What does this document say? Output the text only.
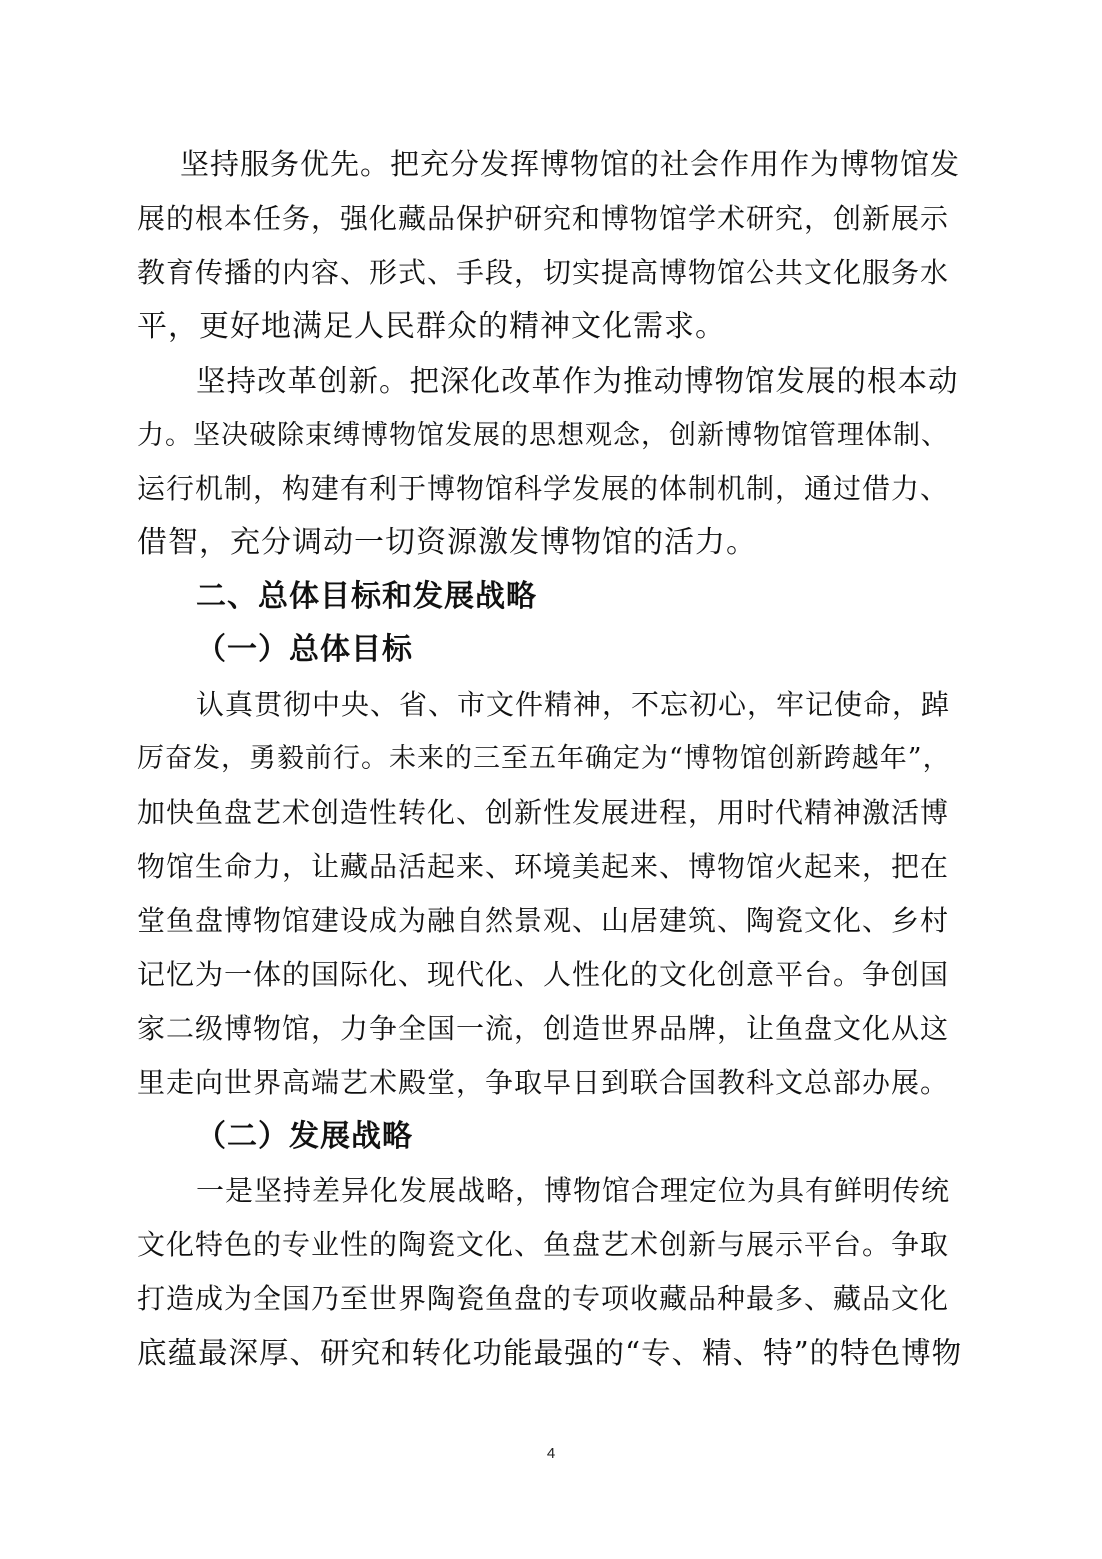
坚持服务优先。把充分发挥博物馆的社会作用作为博物馆发
展的根本任务，强化藏品保护研究和博物馆学术研究，创新展示
教育传播的内容、形式、手段，切实提高博物馆公共文化服务水
平，更好地满足人民群众的精神文化需求。
坚持改革创新。把深化改革作为推动博物馆发展的根本动
力。坚决破除束缚博物馆发展的思想观念，创新博物馆管理体制、
运行机制，构建有利于博物馆科学发展的体制机制，通过借力、
借智，充分调动一切资源激发博物馆的活力。
二、总体目标和发展战略
（一）总体目标
认真贯彻中央、省、市文件精神，不忘初心，牢记使命，踔
厉奋发，勇毅前行。未来的三至五年确定为“博物馆创新跨越年”，
加快鱼盘艺术创造性转化、创新性发展进程，用时代精神激活博
物馆生命力，让藏品活起来、环境美起来、博物馆火起来，把在
堂鱼盘博物馆建设成为融自然景观、山居建筑、陶瓷文化、乡村
记忆为一体的国际化、现代化、人性化的文化创意平台。争创国
家二级博物馆，力争全国一流，创造世界品牌，让鱼盘文化从这
里走向世界高端艺术殿堂，争取早日到联合国教科文总部办展。
（二）发展战略
一是坚持差异化发展战略，博物馆合理定位为具有鲜明传统
文化特色的专业性的陶瓷文化、鱼盘艺术创新与展示平台。争取
打造成为全国乃至世界陶瓷鱼盘的专项收藏品种最多、藏品文化
底蕴最深厚、研究和转化功能最强的“专、精、特”的特色博物
4
